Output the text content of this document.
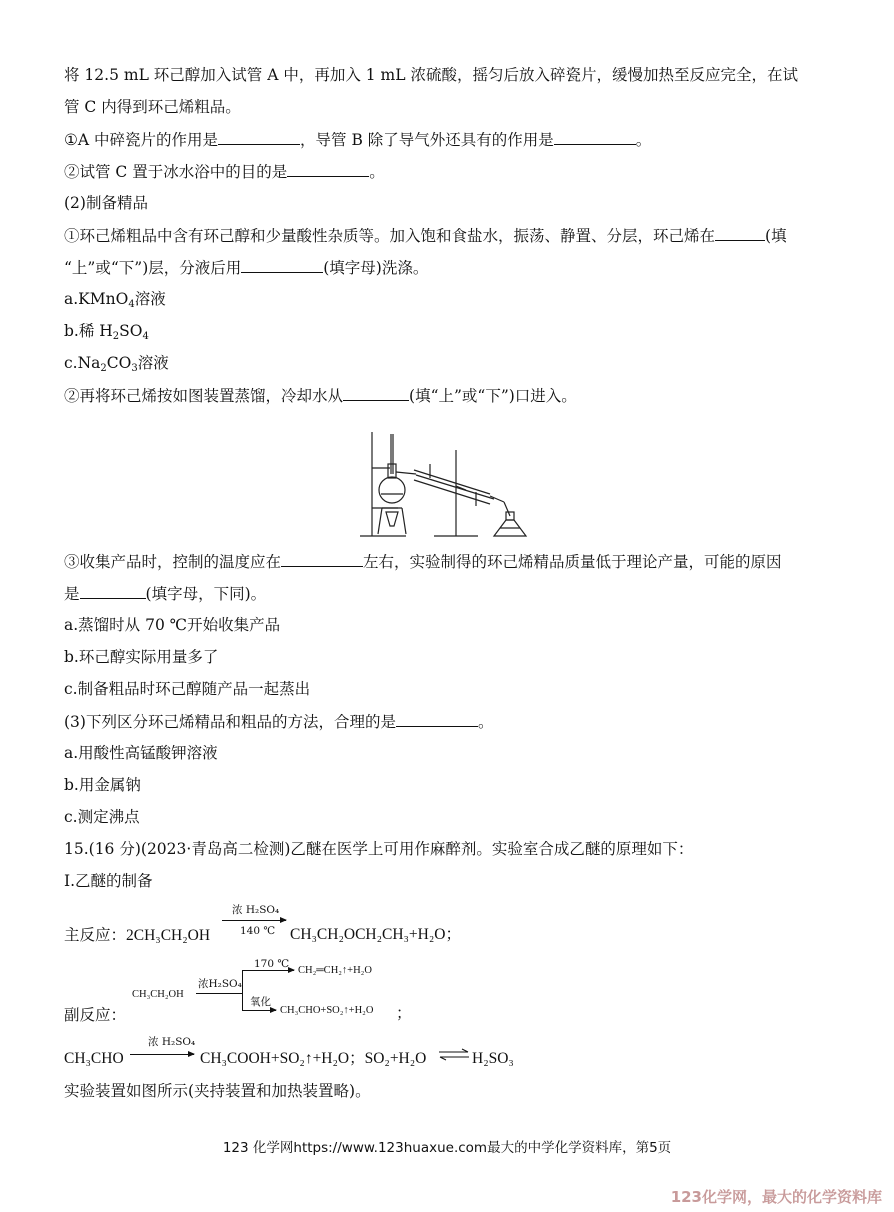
将 12.5 mL 环己醇加入试管 A 中，再加入 1 mL 浓硫酸，摇匀后放入碎瓷片，缓慢加热至反应完全，在试
管 C 内得到环己烯粗品。
①A 中碎瓷片的作用是	，导管 B 除了导气外还具有的作用是	。
②试管 C 置于冰水浴中的目的是	。
(2)制备精品
①环己烯粗品中含有环己醇和少量酸性杂质等。加入饱和食盐水，振荡、静置、分层，环己烯在	(填
“上”或“下”)层，分液后用	(填字母)洗涤。
a.KMnO$_4$溶液
b.稀 $H_2SO_4$
$c.Na_2CO_3$溶液
②再将环己烯按如图装置蒸馏，冷却水从	(填“上”或“下”)口进入。
③收集产品时，控制的温度应在	左右，实验制得的环己烯精品质量低于理论产量，可能的原因
是	(填字母，下同)。
a.蒸馏时从 70 ℃开始收集产品
b.环己醇实际用量多了
c.制备粗品时环己醇随产品一起蒸出
(3)下列区分环己烯精品和粗品的方法，合理的是	。
a.用酸性高锰酸钾溶液
b.用金属钠
c.测定沸点
15.(16 分)(2023·青岛高二检测)乙醚在医学上可用作麻醉剂。实验室合成乙醚的原理如下：
Ⅰ.乙醚的制备
主反应：2CH₃CH₂OH
浓 H₂SO₄
140 ℃ CH₃CH₂OCH₂CH₃+H₂O；
CH₃CH₂OH
浓H₂SO₄
170 ℃
→ CH₂═CH₂↑+H₂O
氧化
→ CH₃CHO+SO₂↑+H₂O ；
副反应：
CH₃CHO
浓 H₂SO₄
CH₃COOH+SO₂↑+H₂O；SO₂+H₂O ⇌ H₂SO₃
实验装置如图所示(夹持装置和加热装置略)。
123 化学网https://www.123huaxue.com最大的中学化学资料库，第5页
123化学网，最大的化学资料库
